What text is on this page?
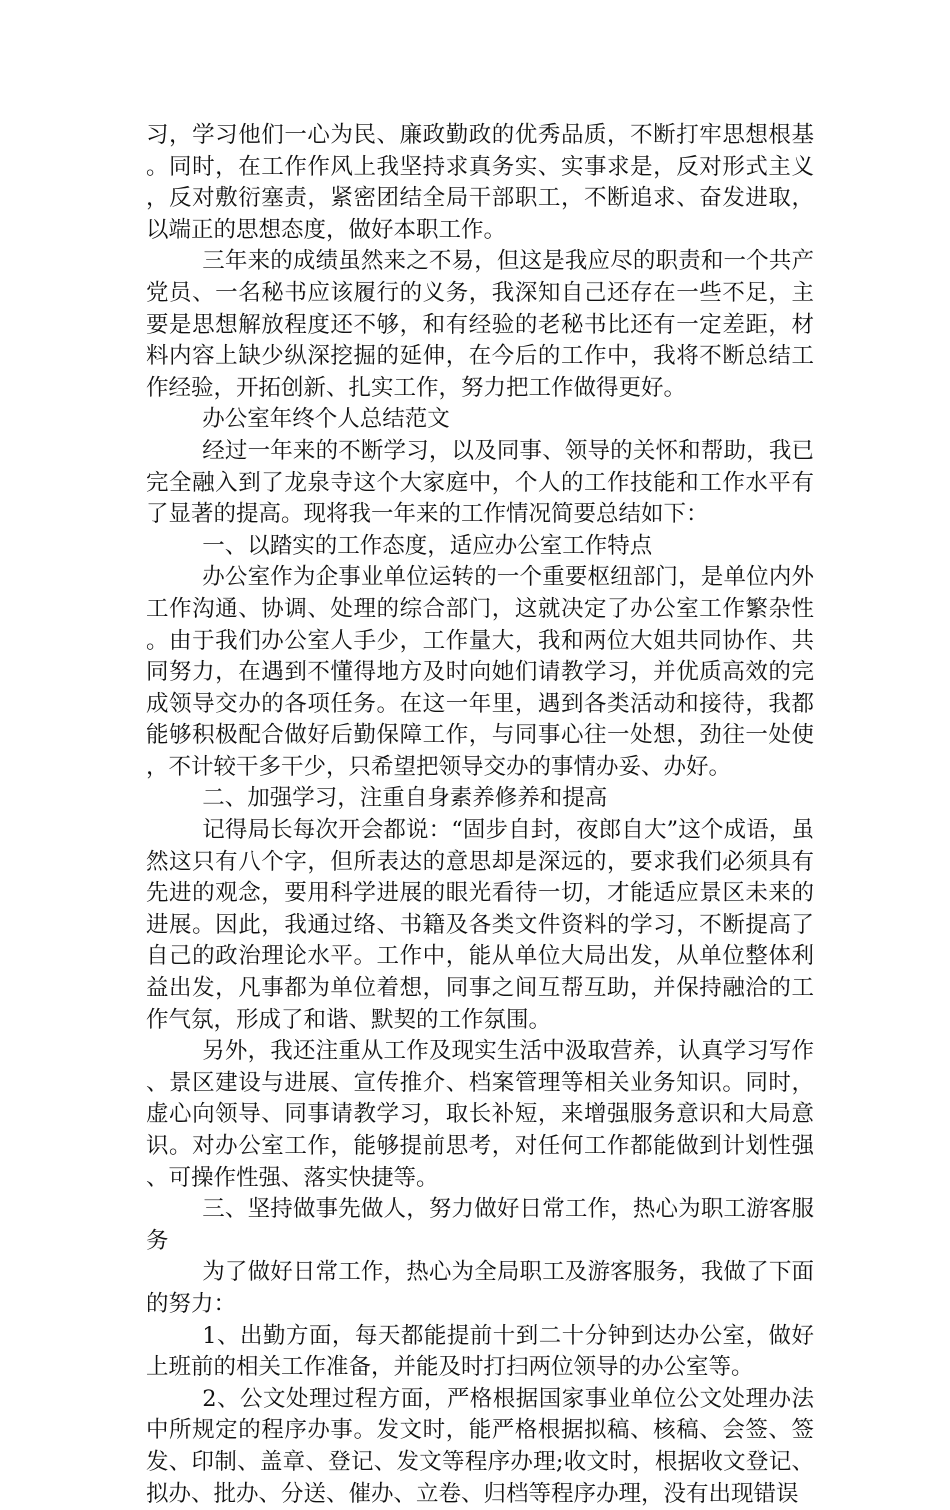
习，学习他们一心为民、廉政勤政的优秀品质，不断打牢思想根基。同时，在工作作风上我坚持求真务实、实事求是，反对形式主义，反对敷衍塞责，紧密团结全局干部职工，不断追求、奋发进取，以端正的思想态度，做好本职工作。

三年来的成绩虽然来之不易，但这是我应尽的职责和一个共产党员、一名秘书应该履行的义务，我深知自己还存在一些不足，主要是思想解放程度还不够，和有经验的老秘书比还有一定差距，材料内容上缺少纵深挖掘的延伸，在今后的工作中，我将不断总结工作经验，开拓创新、扎实工作，努力把工作做得更好。

办公室年终个人总结范文

经过一年来的不断学习，以及同事、领导的关怀和帮助，我已完全融入到了龙泉寺这个大家庭中，个人的工作技能和工作水平有了显著的提高。现将我一年来的工作情况简要总结如下：

一、以踏实的工作态度，适应办公室工作特点

办公室作为企事业单位运转的一个重要枢纽部门，是单位内外工作沟通、协调、处理的综合部门，这就决定了办公室工作繁杂性。由于我们办公室人手少，工作量大，我和两位大姐共同协作、共同努力，在遇到不懂得地方及时向她们请教学习，并优质高效的完成领导交办的各项任务。在这一年里，遇到各类活动和接待，我都能够积极配合做好后勤保障工作，与同事心往一处想，劲往一处使，不计较干多干少，只希望把领导交办的事情办妥、办好。

二、加强学习，注重自身素养修养和提高

记得局长每次开会都说：“固步自封，夜郎自大”这个成语，虽然这只有八个字，但所表达的意思却是深远的，要求我们必须具有先进的观念，要用科学进展的眼光看待一切，才能适应景区未来的进展。因此，我通过络、书籍及各类文件资料的学习，不断提高了自己的政治理论水平。工作中，能从单位大局出发，从单位整体利益出发，凡事都为单位着想，同事之间互帮互助，并保持融洽的工作气氛，形成了和谐、默契的工作氛围。

另外，我还注重从工作及现实生活中汲取营养，认真学习写作、景区建设与进展、宣传推介、档案管理等相关业务知识。同时，虚心向领导、同事请教学习，取长补短，来增强服务意识和大局意识。对办公室工作，能够提前思考，对任何工作都能做到计划性强、可操作性强、落实快捷等。

三、坚持做事先做人，努力做好日常工作，热心为职工游客服务

为了做好日常工作，热心为全局职工及游客服务，我做了下面的努力：

1、出勤方面，每天都能提前十到二十分钟到达办公室，做好上班前的相关工作准备，并能及时打扫两位领导的办公室等。

2、公文处理过程方面，严格根据国家事业单位公文处理办法中所规定的程序办事。发文时，能严格根据拟稿、核稿、会签、签发、印制、盖章、登记、发文等程序办理;收文时，根据收文登记、拟办、批办、分送、催办、立卷、归档等程序办理，没有出现错误
